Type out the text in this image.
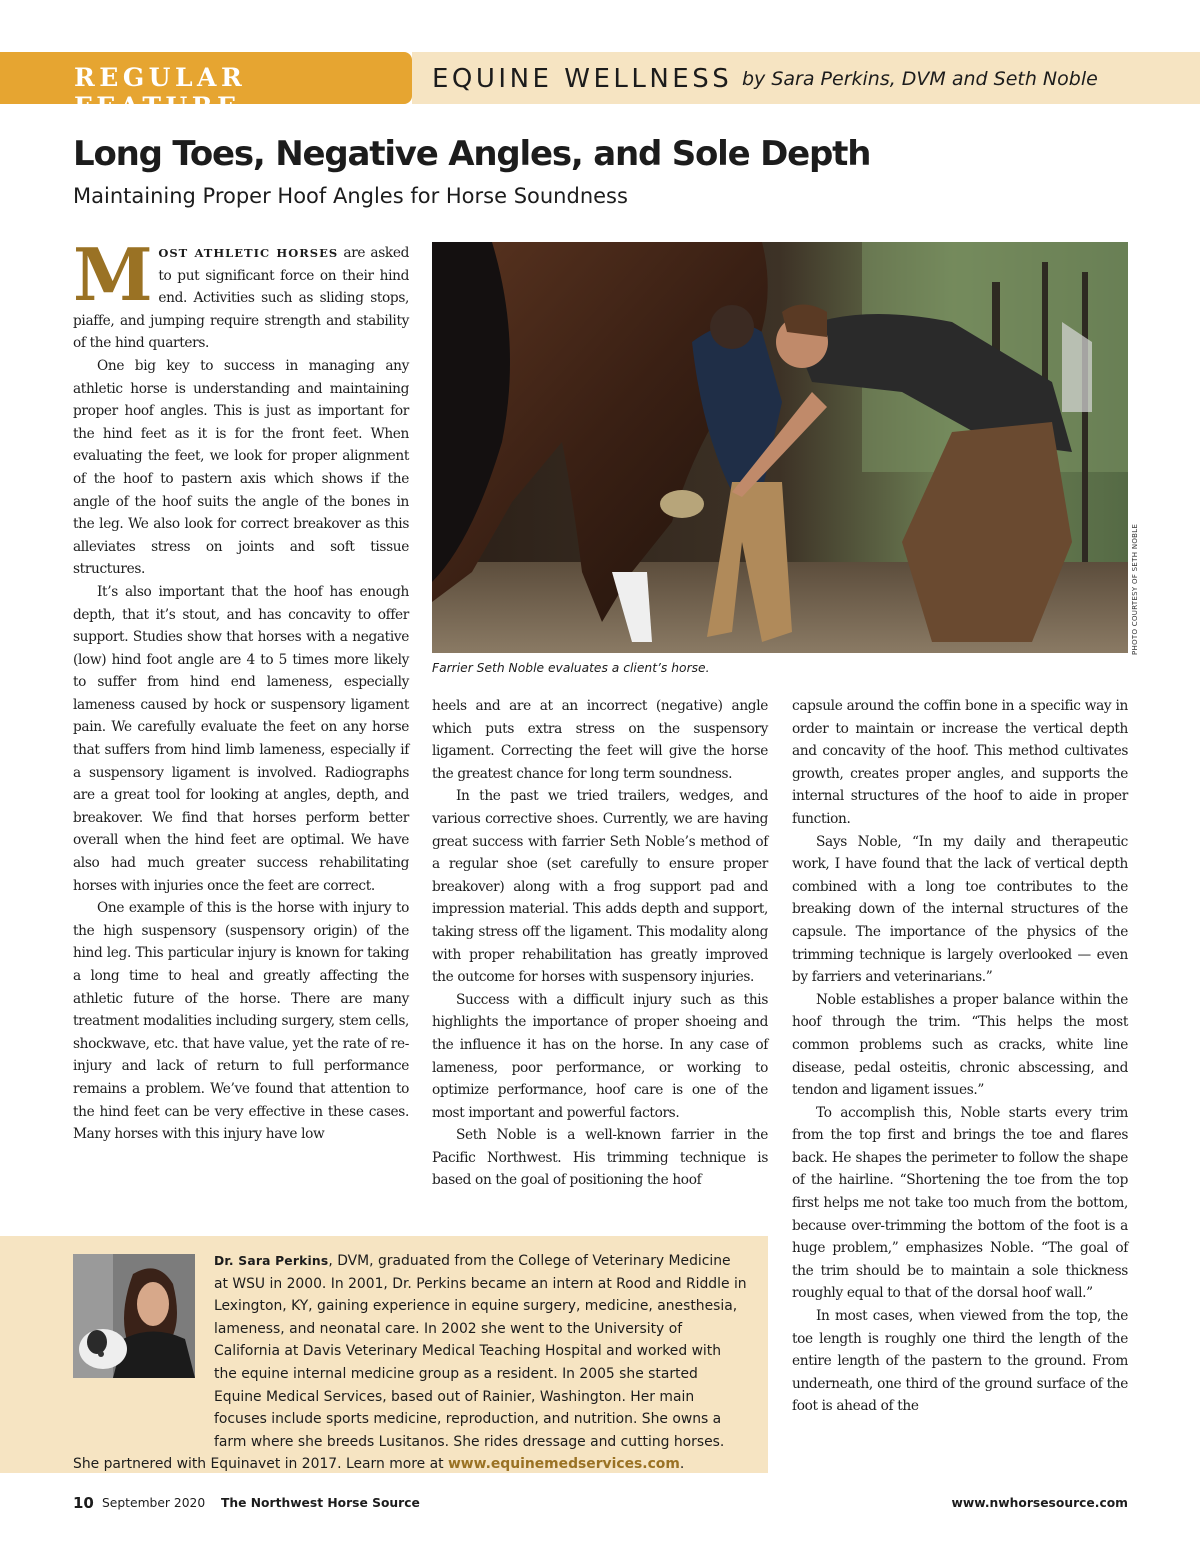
REGULAR FEATURE
EQUINE WELLNESS by Sara Perkins, DVM and Seth Noble
Long Toes, Negative Angles, and Sole Depth
Maintaining Proper Hoof Angles for Horse Soundness

MOST ATHLETIC HORSES are asked to put significant force on their hind end. Activities such as sliding stops, piaffe, and jumping require strength and stability of the hind quarters.

One big key to success in managing any athletic horse is understanding and maintaining proper hoof angles. This is just as important for the hind feet as it is for the front feet. When evaluating the feet, we look for proper alignment of the hoof to pastern axis which shows if the angle of the hoof suits the angle of the bones in the leg. We also look for correct breakover as this alleviates stress on joints and soft tissue structures.

It’s also important that the hoof has enough depth, that it’s stout, and has concavity to offer support. Studies show that horses with a negative (low) hind foot angle are 4 to 5 times more likely to suffer from hind end lameness, especially lameness caused by hock or suspensory ligament pain. We carefully evaluate the feet on any horse that suffers from hind limb lameness, especially if a suspensory ligament is involved. Radiographs are a great tool for looking at angles, depth, and breakover. We find that horses perform better overall when the hind feet are optimal. We have also had much greater success rehabilitating horses with injuries once the feet are correct.

One example of this is the horse with injury to the high suspensory (suspensory origin) of the hind leg. This particular injury is known for taking a long time to heal and greatly affecting the athletic future of the horse. There are many treatment modalities including surgery, stem cells, shockwave, etc. that have value, yet the rate of re-injury and lack of return to full performance remains a problem. We’ve found that attention to the hind feet can be very effective in these cases. Many horses with this injury have low

PHOTO COURTESY OF SETH NOBLE
Farrier Seth Noble evaluates a client’s horse.

heels and are at an incorrect (negative) angle which puts extra stress on the suspensory ligament. Correcting the feet will give the horse the greatest chance for long term soundness.

In the past we tried trailers, wedges, and various corrective shoes. Currently, we are having great success with farrier Seth Noble’s method of a regular shoe (set carefully to ensure proper breakover) along with a frog support pad and impression material. This adds depth and support, taking stress off the ligament. This modality along with proper rehabilitation has greatly improved the outcome for horses with suspensory injuries.

Success with a difficult injury such as this highlights the importance of proper shoeing and the influence it has on the horse. In any case of lameness, poor performance, or working to optimize performance, hoof care is one of the most important and powerful factors.

Seth Noble is a well-known farrier in the Pacific Northwest. His trimming technique is based on the goal of positioning the hoof

capsule around the coffin bone in a specific way in order to maintain or increase the vertical depth and concavity of the hoof. This method cultivates growth, creates proper angles, and supports the internal structures of the hoof to aide in proper function.

Says Noble, “In my daily and therapeutic work, I have found that the lack of vertical depth combined with a long toe contributes to the breaking down of the internal structures of the capsule. The importance of the physics of the trimming technique is largely overlooked — even by farriers and veterinarians.”

Noble establishes a proper balance within the hoof through the trim. “This helps the most common problems such as cracks, white line disease, pedal osteitis, chronic abscessing, and tendon and ligament issues.”

To accomplish this, Noble starts every trim from the top first and brings the toe and flares back. He shapes the perimeter to follow the shape of the hairline. “Shortening the toe from the top first helps me not take too much from the bottom, because over-trimming the bottom of the foot is a huge problem,” emphasizes Noble. “The goal of the trim should be to maintain a sole thickness roughly equal to that of the dorsal hoof wall.”

In most cases, when viewed from the top, the toe length is roughly one third the length of the entire length of the pastern to the ground. From underneath, one third of the ground surface of the foot is ahead of the

Dr. Sara Perkins, DVM, graduated from the College of Veterinary Medicine at WSU in 2000. In 2001, Dr. Perkins became an intern at Rood and Riddle in Lexington, KY, gaining experience in equine surgery, medicine, anesthesia, lameness, and neonatal care. In 2002 she went to the University of California at Davis Veterinary Medical Teaching Hospital and worked with the equine internal medicine group as a resident. In 2005 she started Equine Medical Services, based out of Rainier, Washington. Her main focuses include sports medicine, reproduction, and nutrition. She owns a farm where she breeds Lusitanos. She rides dressage and cutting horses. She partnered with Equinavet in 2017. Learn more at www.equinemedservices.com.
10 September 2020 The Northwest Horse Source	www.nwhorsesource.com
